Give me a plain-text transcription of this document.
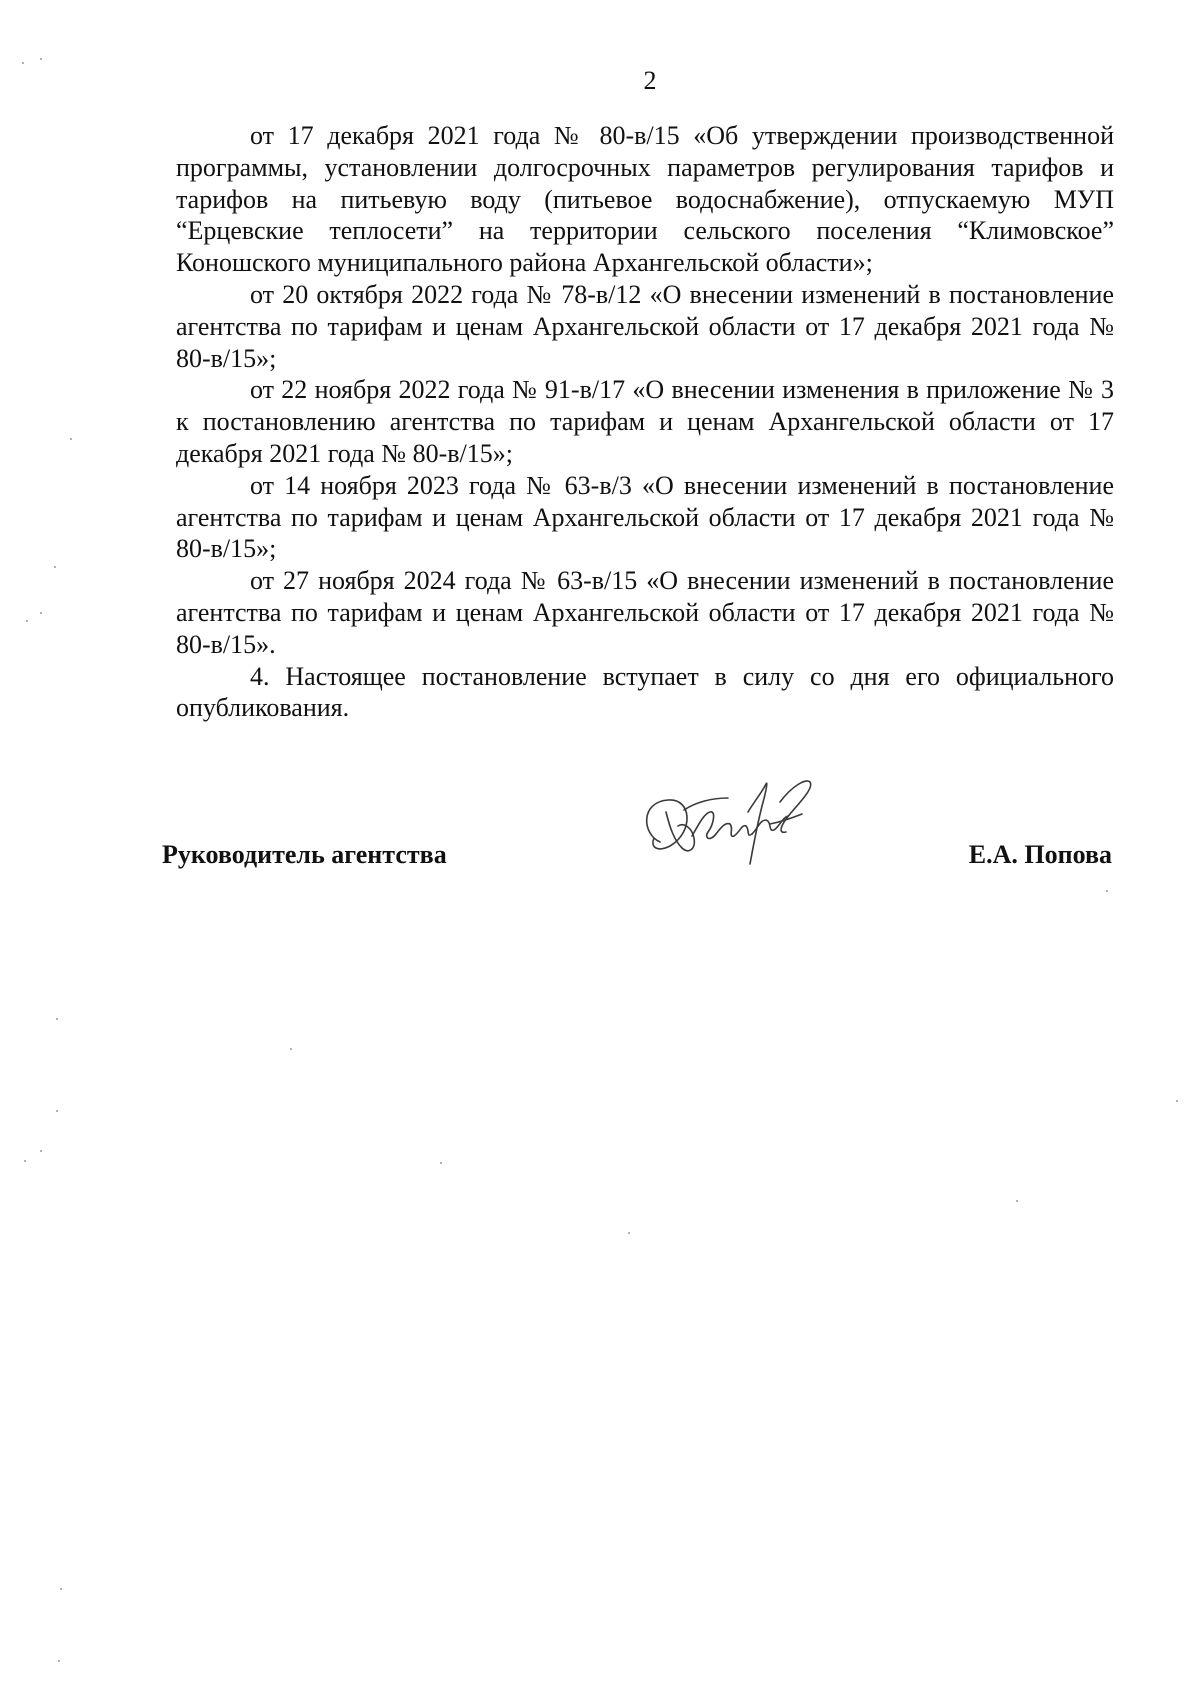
2

от 17 декабря 2021 года № 80-в/15 «Об утверждении производственной программы, установлении долгосрочных параметров регулирования тарифов и тарифов на питьевую воду (питьевое водоснабжение), отпускаемую МУП “Ерцевские теплосети” на территории сельского поселения “Климовское” Коношского муниципального района Архангельской области»;

от 20 октября 2022 года № 78-в/12 «О внесении изменений в постановление агентства по тарифам и ценам Архангельской области от 17 декабря 2021 года № 80-в/15»;

от 22 ноября 2022 года № 91-в/17 «О внесении изменения в приложение № 3 к постановлению агентства по тарифам и ценам Архангельской области от 17 декабря 2021 года № 80-в/15»;

от 14 ноября 2023 года № 63-в/3 «О внесении изменений в постановление агентства по тарифам и ценам Архангельской области от 17 декабря 2021 года № 80-в/15»;

от 27 ноября 2024 года № 63-в/15 «О внесении изменений в постановление агентства по тарифам и ценам Архангельской области от 17 декабря 2021 года № 80-в/15».

4. Настоящее постановление вступает в силу со дня его официального опубликования.

Руководитель агентства	Е.А. Попова
